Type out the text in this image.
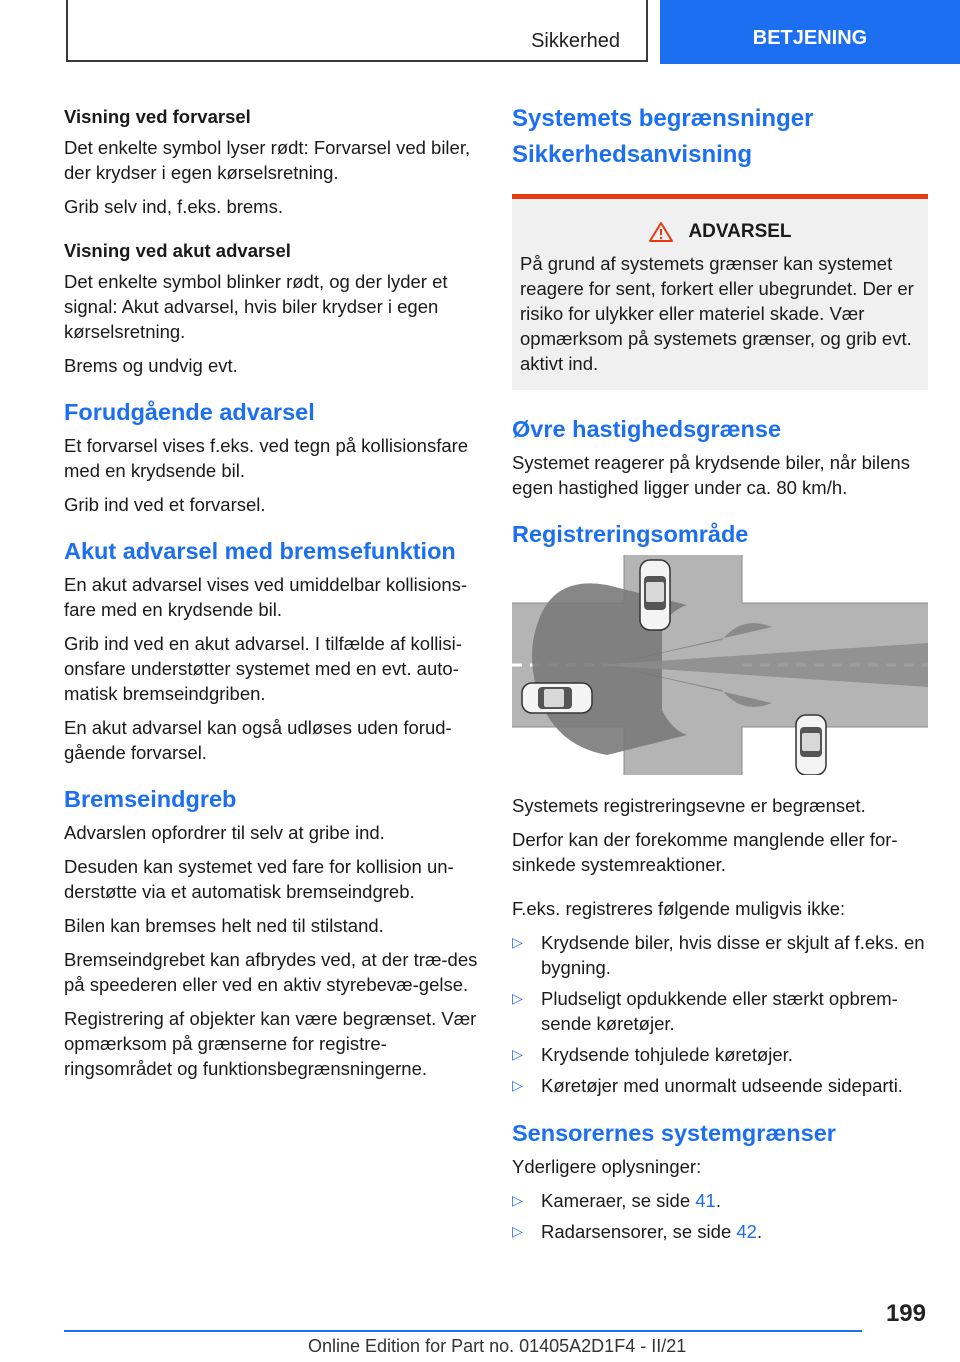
Sikkerhed	BETJENING
Visning ved forvarsel

Det enkelte symbol lyser rødt: Forvarsel ved biler, der krydser i egen kørselsretning.

Grib selv ind, f.eks. brems.

Visning ved akut advarsel

Det enkelte symbol blinker rødt, og der lyder et signal: Akut advarsel, hvis biler krydser i egen kørselsretning.

Brems og undvig evt.

Forudgående advarsel

Et forvarsel vises f.eks. ved tegn på kollisionsfare med en krydsende bil.

Grib ind ved et forvarsel.

Akut advarsel med bremsefunktion

En akut advarsel vises ved umiddelbar kollisions-fare med en krydsende bil.

Grib ind ved en akut advarsel. I tilfælde af kollisi-onsfare understøtter systemet med en evt. auto-matisk bremseindgriben.

En akut advarsel kan også udløses uden forud-gående forvarsel.

Bremseindgreb

Advarslen opfordrer til selv at gribe ind.

Desuden kan systemet ved fare for kollision un-derstøtte via et automatisk bremseindgreb.

Bilen kan bremses helt ned til stilstand.

Bremseindgrebet kan afbrydes ved, at der træ-des på speederen eller ved en aktiv styrebevæ-gelse.

Registrering af objekter kan være begrænset. Vær opmærksom på grænserne for registre-ringsområdet og funktionsbegrænsningerne.

Systemets begrænsninger
Sikkerhedsanvisning
ADVARSEL

På grund af systemets grænser kan systemet reagere for sent, forkert eller ubegrundet. Der er risiko for ulykker eller materiel skade. Vær opmærksom på systemets grænser, og grib evt. aktivt ind.

Øvre hastighedsgrænse

Systemet reagerer på krydsende biler, når bilens egen hastighed ligger under ca. 80 km/h.

Registreringsområde

Systemets registreringsevne er begrænset.

Derfor kan der forekomme manglende eller for-sinkede systemreaktioner.

F.eks. registreres følgende muligvis ikke:

▷ Krydsende biler, hvis disse er skjult af f.eks. en bygning.
▷ Pludseligt opdukkende eller stærkt opbrem-sende køretøjer.
▷ Krydsende tohjulede køretøjer.
▷ Køretøjer med unormalt udseende sideparti.
Sensorernes systemgrænser

Yderligere oplysninger:

▷ Kameraer, se side 41.
▷ Radarsensorer, se side 42.
199
Online Edition for Part no. 01405A2D1F4 - II/21
